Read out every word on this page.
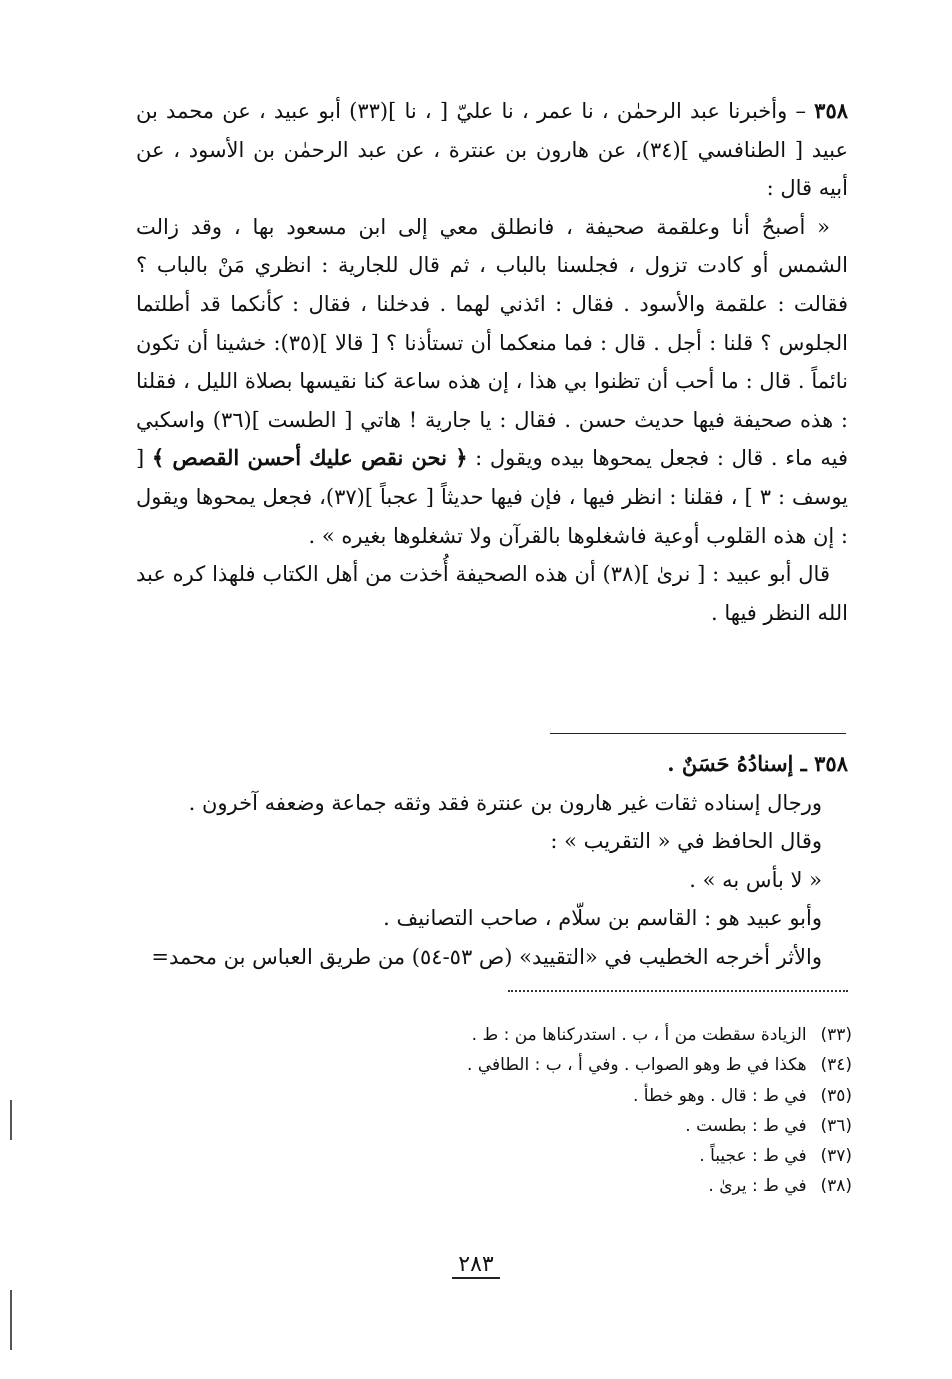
٣٥٨ – وأخبرنا عبد الرحمٰن ، نا عمر ، نا عليّ [ ، نا ](٣٣) أبو عبيد ، عن محمد بن عبيد [ الطنافسي ](٣٤)، عن هارون بن عنترة ، عن عبد الرحمٰن بن الأسود ، عن أبيه قال :

« أصبحُ أنا وعلقمة صحيفة ، فانطلق معي إلى ابن مسعود بها ، وقد زالت الشمس أو كادت تزول ، فجلسنا بالباب ، ثم قال للجارية : انظري مَنْ بالباب ؟ فقالت : علقمة والأسود . فقال : ائذني لهما . فدخلنا ، فقال : كأنكما قد أطلتما الجلوس ؟ قلنا : أجل . قال : فما منعكما أن تستأذنا ؟ [ قالا ](٣٥): خشينا أن تكون نائماً . قال : ما أحب أن تظنوا بي هذا ، إن هذه ساعة كنا نقيسها بصلاة الليل ، فقلنا : هذه صحيفة فيها حديث حسن . فقال : يا جارية ! هاتي [ الطست ](٣٦) واسكبي فيه ماء . قال : فجعل يمحوها بيده ويقول : ﴿ نحن نقص عليك أحسن القصص ﴾ [ يوسف : ٣ ] ، فقلنا : انظر فيها ، فإن فيها حديثاً [ عجباً ](٣٧)، فجعل يمحوها ويقول : إن هذه القلوب أوعية فاشغلوها بالقرآن ولا تشغلوها بغيره » .

قال أبو عبيد : [ نرىٰ ](٣٨) أن هذه الصحيفة أُخذت من أهل الكتاب فلهذا كره عبد الله النظر فيها .

٣٥٨ ـ إسنادُهُ حَسَنٌ .

ورجال إسناده ثقات غير هارون بن عنترة فقد وثقه جماعة وضعفه آخرون .

وقال الحافظ في « التقريب » :

« لا بأس به » .

وأبو عبيد هو : القاسم بن سلّام ، صاحب التصانيف .

والأثر أخرجه الخطيب في «التقييد» (ص ٥٣-٥٤) من طريق العباس بن محمد=

(٣٣) الزيادة سقطت من أ ، ب . استدركناها من : ط .

(٣٤) هكذا في ط وهو الصواب . وفي أ ، ب : الطافي .

(٣٥) في ط : قال . وهو خطأ .

(٣٦) في ط : بطست .

(٣٧) في ط : عجيباً .

(٣٨) في ط : يرىٰ .

٢٨٣
